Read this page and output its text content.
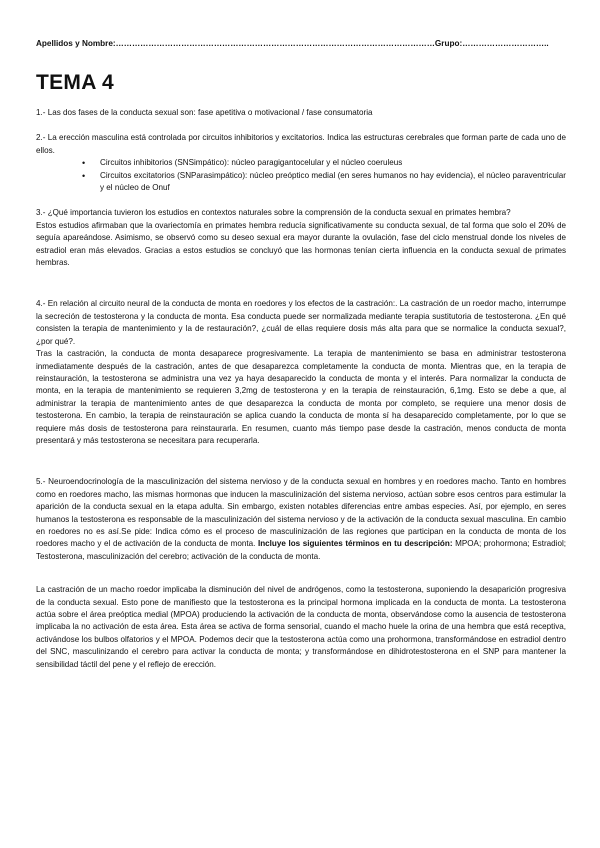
Apellidos y Nombre:………………………………………………………………………………………………………Grupo:…………………………..
TEMA 4

1.- Las dos fases de la conducta sexual son: fase apetitiva o motivacional / fase consumatoria

2.- La erección masculina está controlada por circuitos inhibitorios y excitatorios. Indica las estructuras cerebrales que forman parte de cada uno de ellos.

• Circuitos inhibitorios (SNSimpático): núcleo paragigantocelular y el núcleo coeruleus
• Circuitos excitatorios (SNParasimpático): núcleo preóptico medial (en seres humanos no hay evidencia), el núcleo paraventricular y el núcleo de Onuf

3.- ¿Qué importancia tuvieron los estudios en contextos naturales sobre la comprensión de la conducta sexual en primates hembra?

Estos estudios afirmaban que la ovariectomía en primates hembra reducía significativamente su conducta sexual, de tal forma que solo el 20% de seguía apareándose. Asimismo, se observó como su deseo sexual era mayor durante la ovulación, fase del ciclo menstrual donde los niveles de estradiol eran más elevados. Gracias a estos estudios se concluyó que las hormonas tenían cierta influencia en la conducta sexual de primates hembras.

4.- En relación al circuito neural de la conducta de monta en roedores y los efectos de la castración:. La castración de un roedor macho, interrumpe la secreción de testosterona y la conducta de monta. Esa conducta puede ser normalizada mediante terapia sustitutoria de testosterona. ¿En qué consisten la terapia de mantenimiento y la de restauración?, ¿cuál de ellas requiere dosis más alta para que se normalice la conducta sexual?, ¿por qué?.

Tras la castración, la conducta de monta desaparece progresivamente. La terapia de mantenimiento se basa en administrar testosterona inmediatamente después de la castración, antes de que desaparezca completamente la conducta de monta. Mientras que, en la terapia de reinstauración, la testosterona se administra una vez ya haya desaparecido la conducta de monta y el interés. Para normalizar la conducta de monta, en la terapia de mantenimiento se requieren 3,2mg de testosterona y en la terapia de reinstauración, 6,1mg. Esto se debe a que, al administrar la terapia de mantenimiento antes de que desaparezca la conducta de monta por completo, se requiere una menor dosis de testosterona. En cambio, la terapia de reinstauración se aplica cuando la conducta de monta sí ha desaparecido completamente, por lo que se requiere más dosis de testosterona para reinstaurarla. En resumen, cuanto más tiempo pase desde la castración, menos conducta de monta presentará y más testosterona se necesitara para recuperarla.

5.- Neuroendocrinología de la masculinización del sistema nervioso y de la conducta sexual en hombres y en roedores macho. Tanto en hombres como en roedores macho, las mismas hormonas que inducen la masculinización del sistema nervioso, actúan sobre esos centros para estimular la aparición de la conducta sexual en la etapa adulta. Sin embargo, existen notables diferencias entre ambas especies. Así, por ejemplo, en seres humanos la testosterona es responsable de la masculinización del sistema nervioso y de la activación de la conducta sexual masculina. En cambio en roedores no es así.Se pide: Indica cómo es el proceso de masculinización de las regiones que participan en la conducta de monta de los roedores macho y el de activación de la conducta de monta. Incluye los siguientes términos en tu descripción: MPOA; prohormona; Estradiol; Testosterona, masculinización del cerebro; activación de la conducta de monta.

La castración de un macho roedor implicaba la disminución del nivel de andrógenos, como la testosterona, suponiendo la desaparición progresiva de la conducta sexual. Esto pone de manifiesto que la testosterona es la principal hormona implicada en la conducta de monta. La testosterona actúa sobre el área preóptica medial (MPOA) produciendo la activación de la conducta de monta, observándose como la ausencia de testosterona implicaba la no activación de esta área. Esta área se activa de forma sensorial, cuando el macho huele la orina de una hembra que está receptiva, activándose los bulbos olfatorios y el MPOA. Podemos decir que la testosterona actúa como una prohormona, transformándose en estradiol dentro del SNC, masculinizando el cerebro para activar la conducta de monta; y transformándose en dihidrotestosterona en el SNP para mantener la sensibilidad táctil del pene y el reflejo de erección.
